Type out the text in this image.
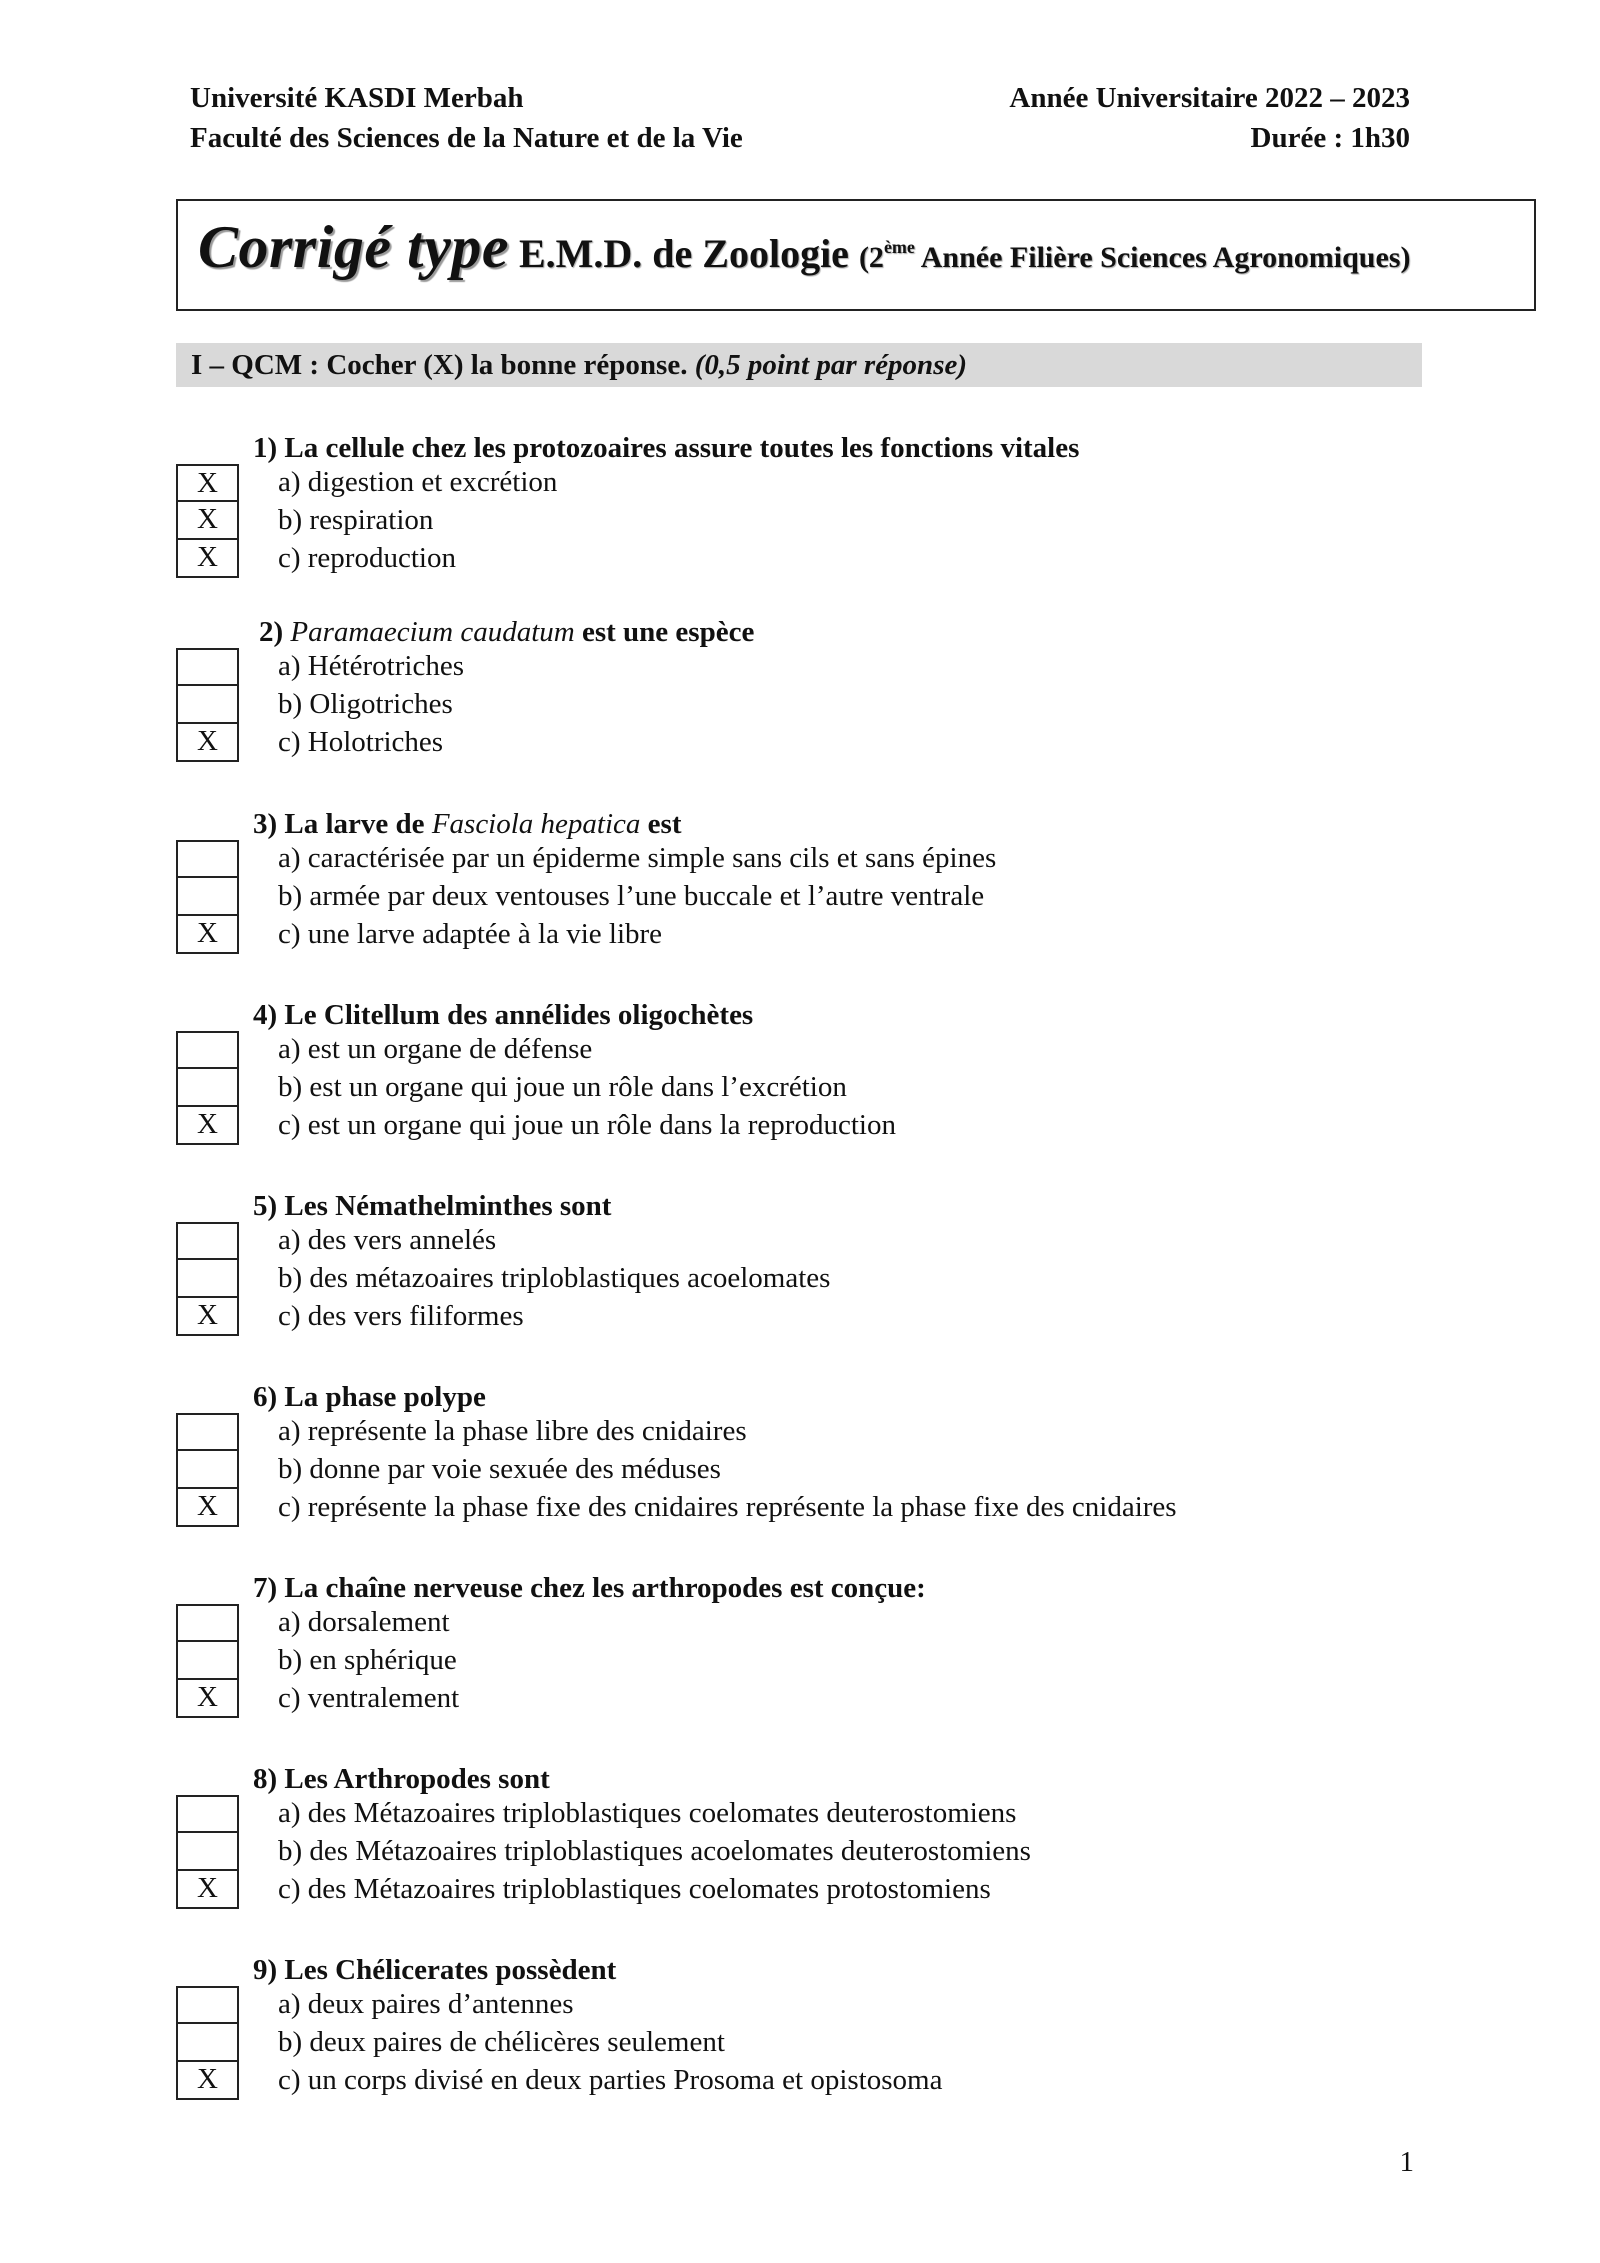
Université KASDI Merbah
Faculté des Sciences de la Nature et de la Vie
Année Universitaire 2022 – 2023
Durée : 1h30
Corrigé type E.M.D. de Zoologie (2ème Année Filière Sciences Agronomiques)
I – QCM : Cocher (X) la bonne réponse. (0,5 point par réponse)
1) La cellule chez les protozoaires assure toutes les fonctions vitales
X	a) digestion et excrétion
X	b) respiration
X	c) reproduction
2) Paramaecium caudatum est une espèce
a) Hétérotriches
b) Oligotriches
X	c) Holotriches
3) La larve de Fasciola hepatica est
a) caractérisée par un épiderme simple sans cils et sans épines
b) armée par deux ventouses l’une buccale et l’autre ventrale
X	c) une larve adaptée à la vie libre
4) Le Clitellum des annélides oligochètes
a) est un organe de défense
b) est un organe qui joue un rôle dans l’excrétion
X	c) est un organe qui joue un rôle dans la reproduction
5) Les Némathelminthes sont
a) des vers annelés
b) des métazoaires triploblastiques acoelomates
X	c) des vers filiformes
6) La phase polype
a) représente la phase libre des cnidaires
b) donne par voie sexuée des méduses
X	c) représente la phase fixe des cnidaires représente la phase fixe des cnidaires
7) La chaîne nerveuse chez les arthropodes est conçue:
a) dorsalement
b) en sphérique
X	c) ventralement
8) Les Arthropodes sont
a) des Métazoaires triploblastiques coelomates deuterostomiens
b) des Métazoaires triploblastiques acoelomates deuterostomiens
X	c) des Métazoaires triploblastiques coelomates protostomiens
9) Les Chélicerates possèdent
a) deux paires d’antennes
b) deux paires de chélicères seulement
X	c) un corps divisé en deux parties Prosoma et opistosoma
1
